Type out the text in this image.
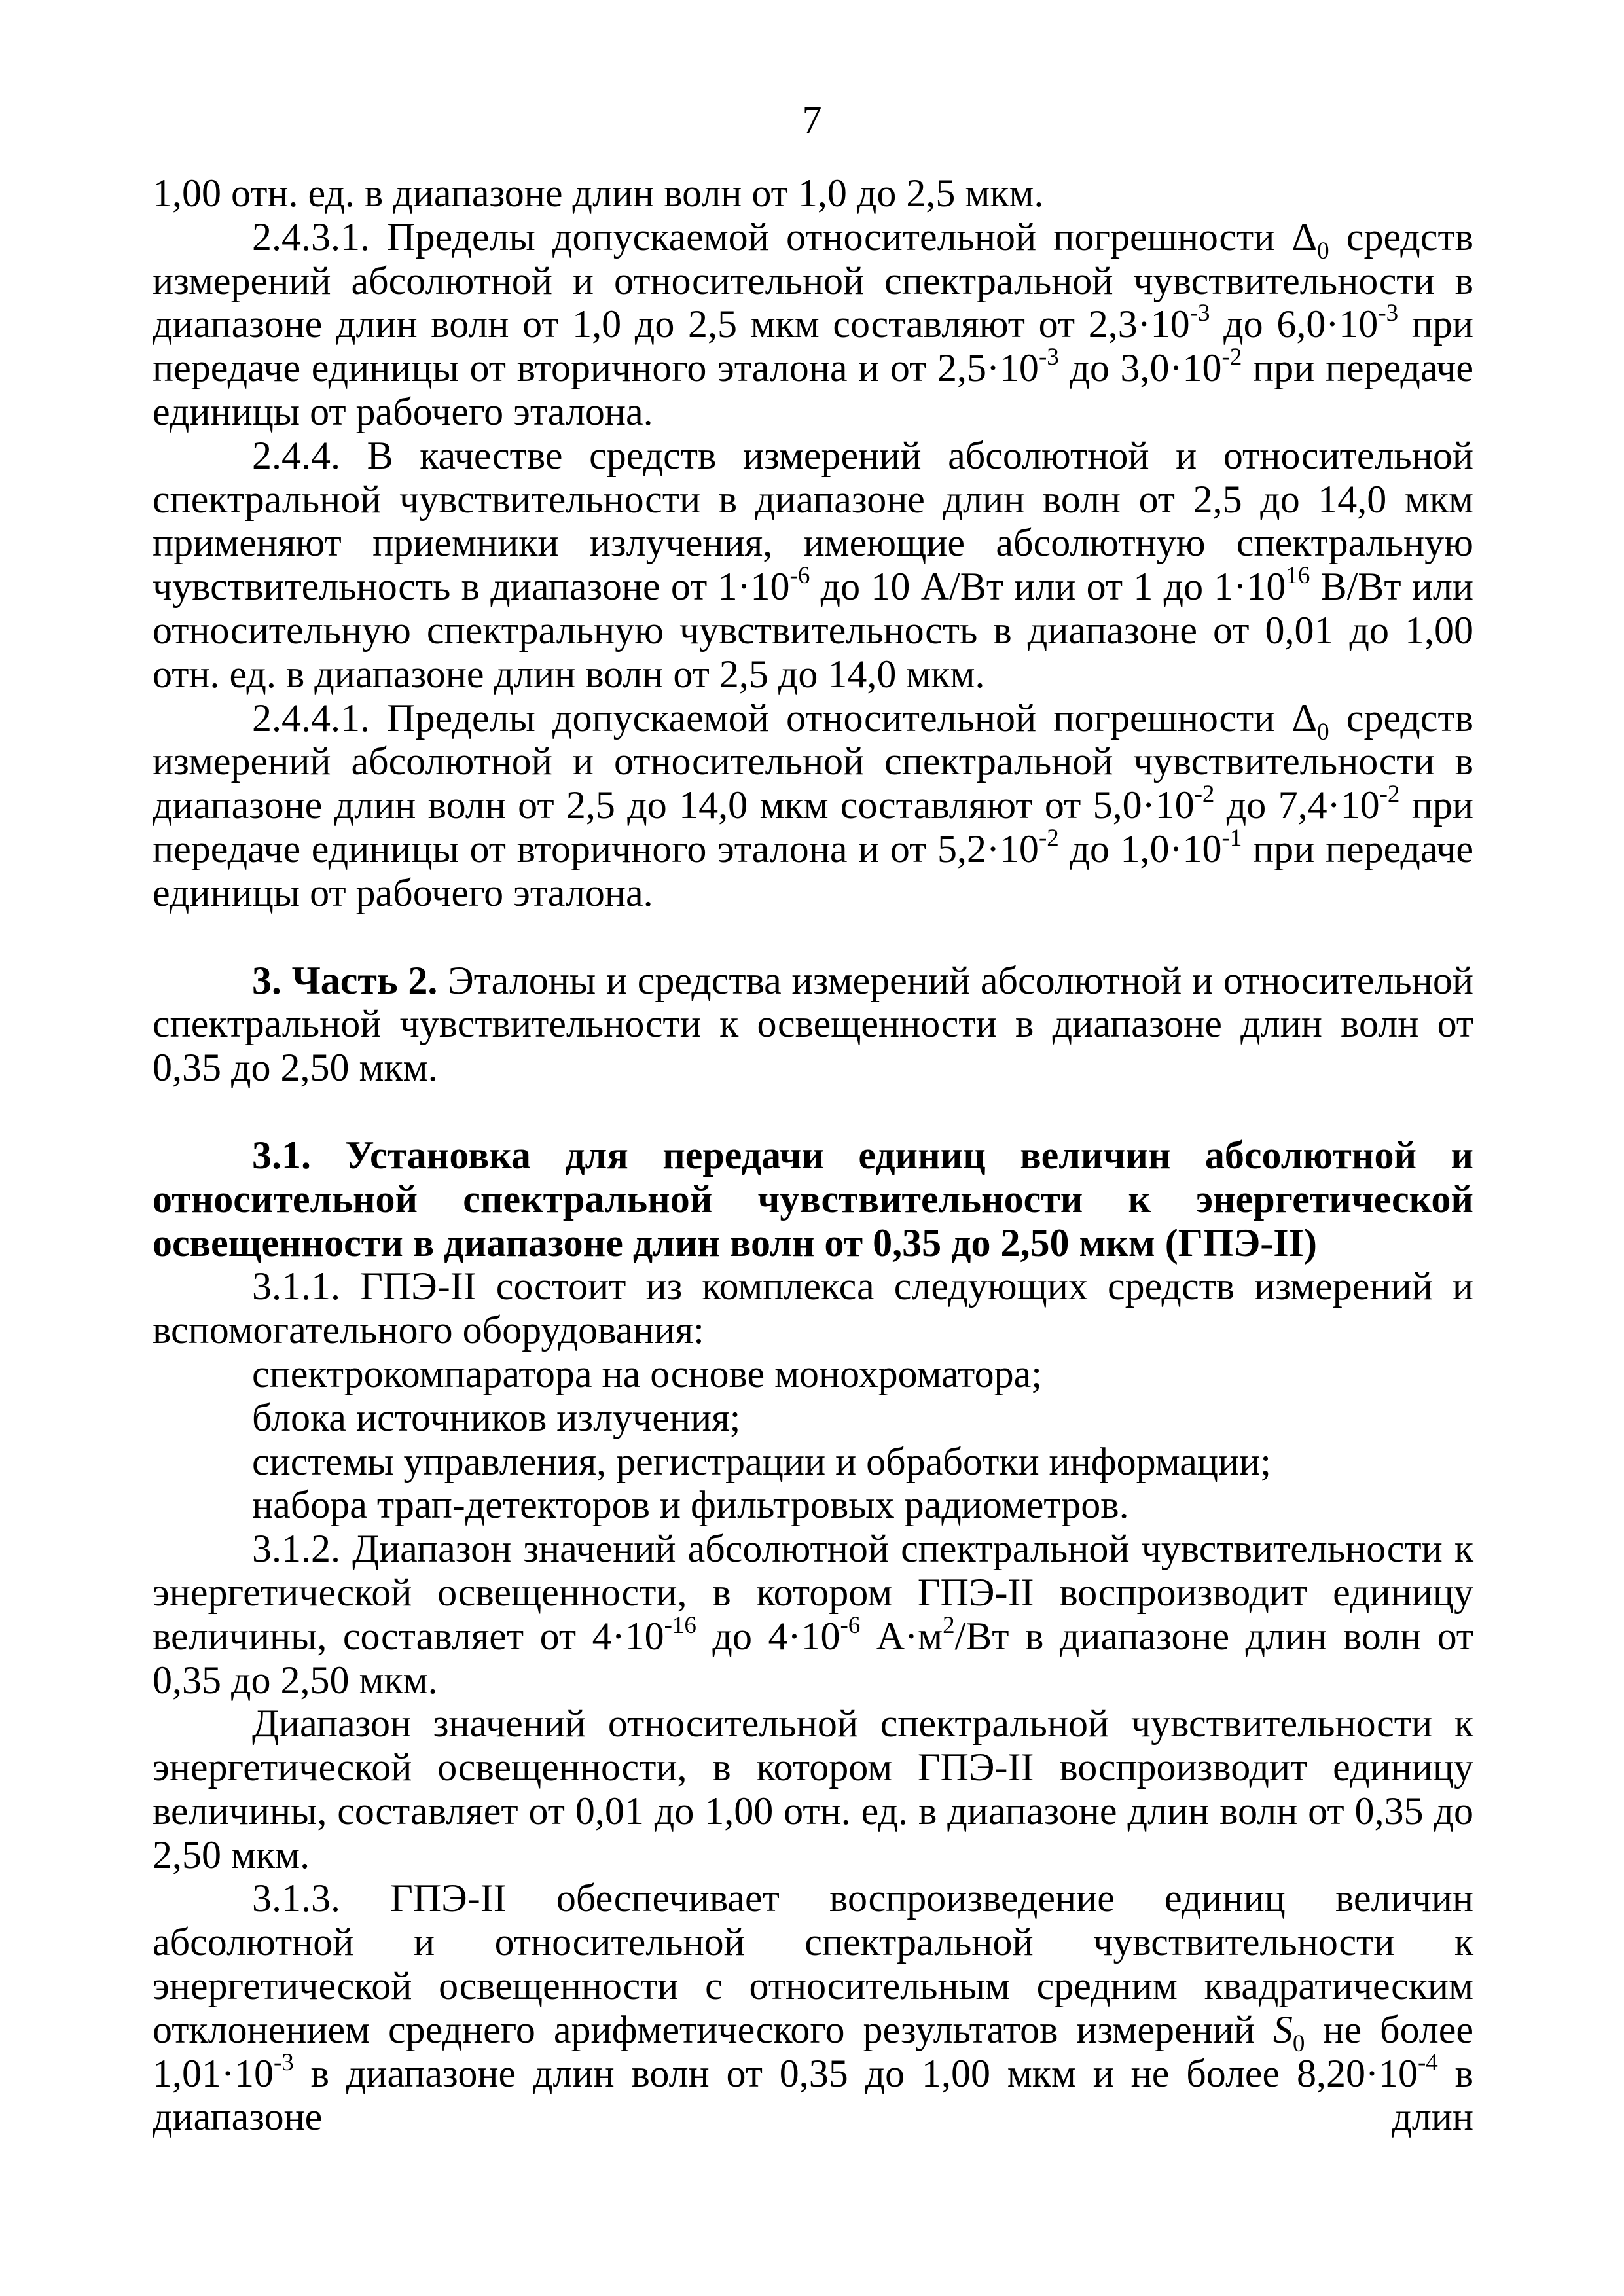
7

1,00 отн. ед. в диапазоне длин волн от 1,0 до 2,5 мкм.

2.4.3.1. Пределы допускаемой относительной погрешности $\Delta_0$ средств измерений абсолютной и относительной спектральной чувствительности в диапазоне длин волн от 1,0 до 2,5 мкм составляют от $2,3\cdot 10^{-3}$ до $6,0\cdot 10^{-3}$ при передаче единицы от вторичного эталона и от $2,5\cdot 10^{-3}$ до $3,0\cdot 10^{-2}$ при передаче единицы от рабочего эталона.

2.4.4. В качестве средств измерений абсолютной и относительной спектральной чувствительности в диапазоне длин волн от 2,5 до 14,0 мкм применяют приемники излучения, имеющие абсолютную спектральную чувствительность в диапазоне от $1\cdot 10^{-6}$ до 10 А/Вт или от 1 до $1\cdot 10^{16}$ В/Вт или относительную спектральную чувствительность в диапазоне от 0,01 до 1,00 отн. ед. в диапазоне длин волн от 2,5 до 14,0 мкм.

2.4.4.1. Пределы допускаемой относительной погрешности $\Delta_0$ средств измерений абсолютной и относительной спектральной чувствительности в диапазоне длин волн от 2,5 до 14,0 мкм составляют от $5,0\cdot 10^{-2}$ до $7,4\cdot 10^{-2}$ при передаче единицы от вторичного эталона и от $5,2\cdot 10^{-2}$ до $1,0\cdot 10^{-1}$ при передаче единицы от рабочего эталона.

3. Часть 2. Эталоны и средства измерений абсолютной и относительной спектральной чувствительности к освещенности в диапазоне длин волн от 0,35 до 2,50 мкм.

3.1. Установка для передачи единиц величин абсолютной и относительной спектральной чувствительности к энергетической освещенности в диапазоне длин волн от 0,35 до 2,50 мкм (ГПЭ-II)

3.1.1. ГПЭ-II состоит из комплекса следующих средств измерений и вспомогательного оборудования:

спектрокомпаратора на основе монохроматора;

блока источников излучения;

системы управления, регистрации и обработки информации;

набора трап-детекторов и фильтровых радиометров.

3.1.2. Диапазон значений абсолютной спектральной чувствительности к энергетической освещенности, в котором ГПЭ-II воспроизводит единицу величины, составляет от $4\cdot 10^{-16}$ до $4\cdot 10^{-6}$ $А\cdot м^2/Вт$ в диапазоне длин волн от 0,35 до 2,50 мкм.

Диапазон значений относительной спектральной чувствительности к энергетической освещенности, в котором ГПЭ-II воспроизводит единицу величины, составляет от 0,01 до 1,00 отн. ед. в диапазоне длин волн от 0,35 до 2,50 мкм.

3.1.3. ГПЭ-II обеспечивает воспроизведение единиц величин абсолютной и относительной спектральной чувствительности к энергетической освещенности с относительным средним квадратическим отклонением среднего арифметического результатов измерений $S_0$ не более $1,01\cdot 10^{-3}$ в диапазоне длин волн от 0,35 до 1,00 мкм и не более $8,20\cdot 10^{-4}$ в диапазоне длин
